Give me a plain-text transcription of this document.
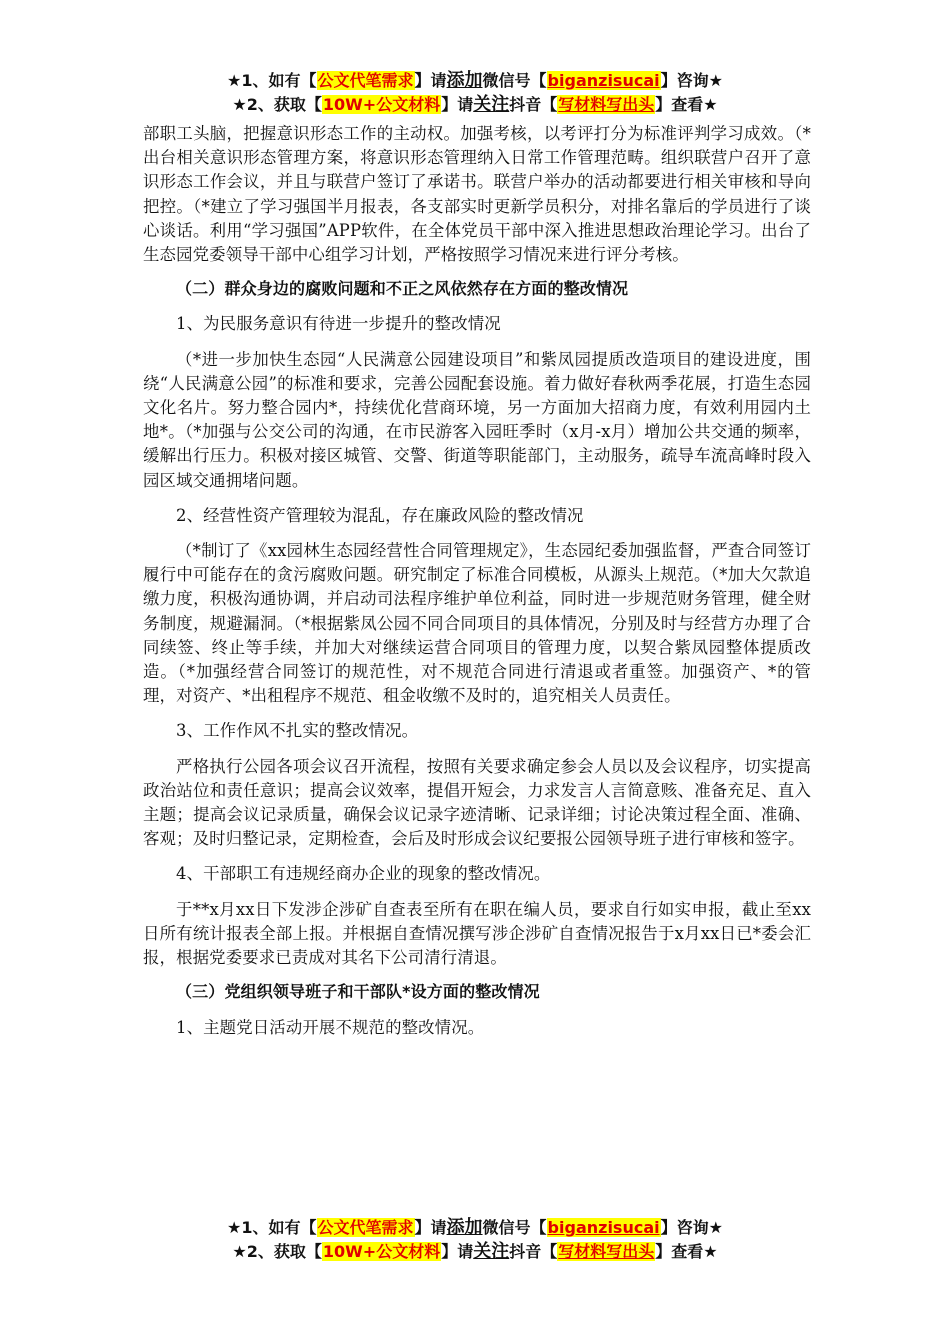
★1、如有【公文代笔需求】请添加微信号【biganzisucai】咨询★
★2、获取【10W+公文材料】请关注抖音【写材料写出头】查看★

部职工头脑，把握意识形态工作的主动权。加强考核，以考评打分为标准评判学习成效。（*出台相关意识形态管理方案，将意识形态管理纳入日常工作管理范畴。组织联营户召开了意识形态工作会议，并且与联营户签订了承诺书。联营户举办的活动都要进行相关审核和导向把控。（*建立了学习强国半月报表，各支部实时更新学员积分，对排名靠后的学员进行了谈心谈话。利用“学习强国”APP软件，在全体党员干部中深入推进思想政治理论学习。出台了生态园党委领导干部中心组学习计划，严格按照学习情况来进行评分考核。

（二）群众身边的腐败问题和不正之风依然存在方面的整改情况

1、为民服务意识有待进一步提升的整改情况

（*进一步加快生态园“人民满意公园建设项目”和紫凤园提质改造项目的建设进度，围绕“人民满意公园”的标准和要求，完善公园配套设施。着力做好春秋两季花展，打造生态园文化名片。努力整合园内*，持续优化营商环境，另一方面加大招商力度，有效利用园内土地*。（*加强与公交公司的沟通，在市民游客入园旺季时（x月-x月）增加公共交通的频率，缓解出行压力。积极对接区城管、交警、街道等职能部门，主动服务，疏导车流高峰时段入园区域交通拥堵问题。

2、经营性资产管理较为混乱，存在廉政风险的整改情况

（*制订了《xx园林生态园经营性合同管理规定》，生态园纪委加强监督，严查合同签订履行中可能存在的贪污腐败问题。研究制定了标准合同模板，从源头上规范。（*加大欠款追缴力度，积极沟通协调，并启动司法程序维护单位利益，同时进一步规范财务管理，健全财务制度，规避漏洞。（*根据紫凤公园不同合同项目的具体情况，分别及时与经营方办理了合同续签、终止等手续，并加大对继续运营合同项目的管理力度，以契合紫凤园整体提质改造。（*加强经营合同签订的规范性，对不规范合同进行清退或者重签。加强资产、*的管理，对资产、*出租程序不规范、租金收缴不及时的，追究相关人员责任。

3、工作作风不扎实的整改情况。

严格执行公园各项会议召开流程，按照有关要求确定参会人员以及会议程序，切实提高政治站位和责任意识；提高会议效率，提倡开短会，力求发言人言简意赅、准备充足、直入主题；提高会议记录质量，确保会议记录字迹清晰、记录详细；讨论决策过程全面、准确、客观；及时归整记录，定期检查，会后及时形成会议纪要报公园领导班子进行审核和签字。

4、干部职工有违规经商办企业的现象的整改情况。

于**x月xx日下发涉企涉矿自查表至所有在职在编人员，要求自行如实申报，截止至xx日所有统计报表全部上报。并根据自查情况撰写涉企涉矿自查情况报告于x月xx日已*委会汇报，根据党委要求已责成对其名下公司清行清退。

（三）党组织领导班子和干部队*设方面的整改情况

1、主题党日活动开展不规范的整改情况。

★1、如有【公文代笔需求】请添加微信号【biganzisucai】咨询★
★2、获取【10W+公文材料】请关注抖音【写材料写出头】查看★
